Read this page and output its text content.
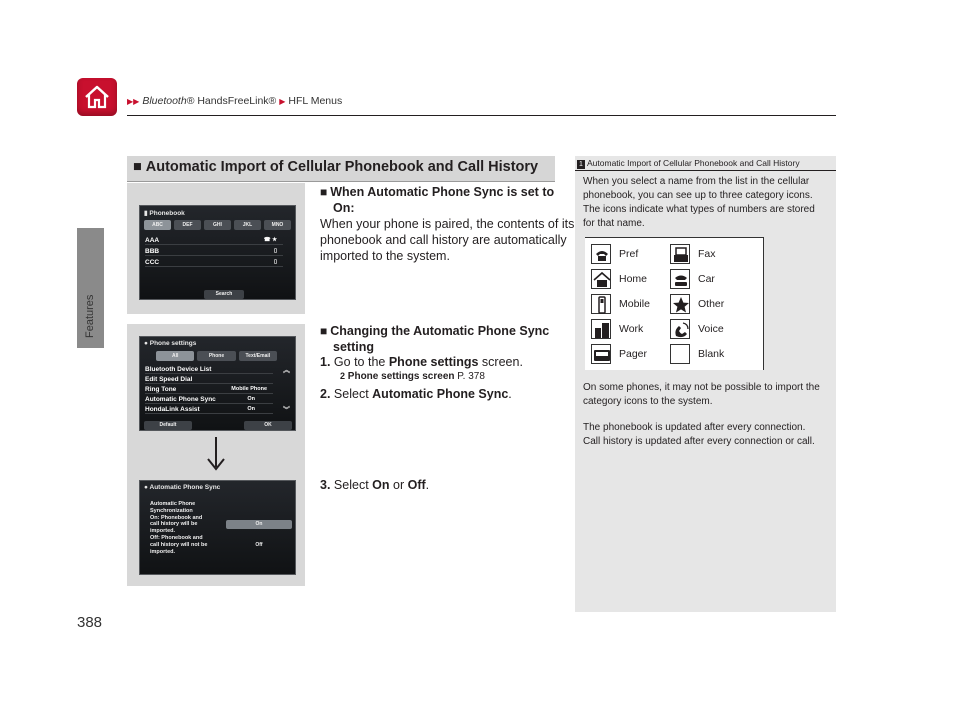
▶▶ Bluetooth® HandsFreeLink® ▶ HFL Menus
Features
388
■ Automatic Import of Cellular Phonebook and Call History
▮ Phonebook
ABC	DEF	GHI	JKL	MNO
AAA	☎ ★
BBB	▯
CCC	▯
Search
● Phone settings
All	Phone	Text/Email
Bluetooth Device List
Edit Speed Dial
Ring Tone	Mobile Phone
Automatic Phone Sync	On
HondaLink Assist	On
︽
︾
Default	OK
● Automatic Phone Sync
Automatic Phone
Synchronization
On: Phonebook and
call history will be
imported.
Off: Phonebook and
call history will not be
imported.
On
Off
■ When Automatic Phone Sync is set to
On:
When your phone is paired, the contents of its
phonebook and call history are automatically
imported to the system.
■ Changing the Automatic Phone Sync
setting
1. Go to the Phone settings screen.
2 Phone settings screen P. 378
2. Select Automatic Phone Sync.
3. Select On or Off.
1 Automatic Import of Cellular Phonebook and Call History
When you select a name from the list in the cellular
phonebook, you can see up to three category icons.
The icons indicate what types of numbers are stored
for that name.
Pref	Fax
Home	Car
Mobile	Other
Work	Voice
Pager	Blank
On some phones, it may not be possible to import the
category icons to the system.
The phonebook is updated after every connection.
Call history is updated after every connection or call.
